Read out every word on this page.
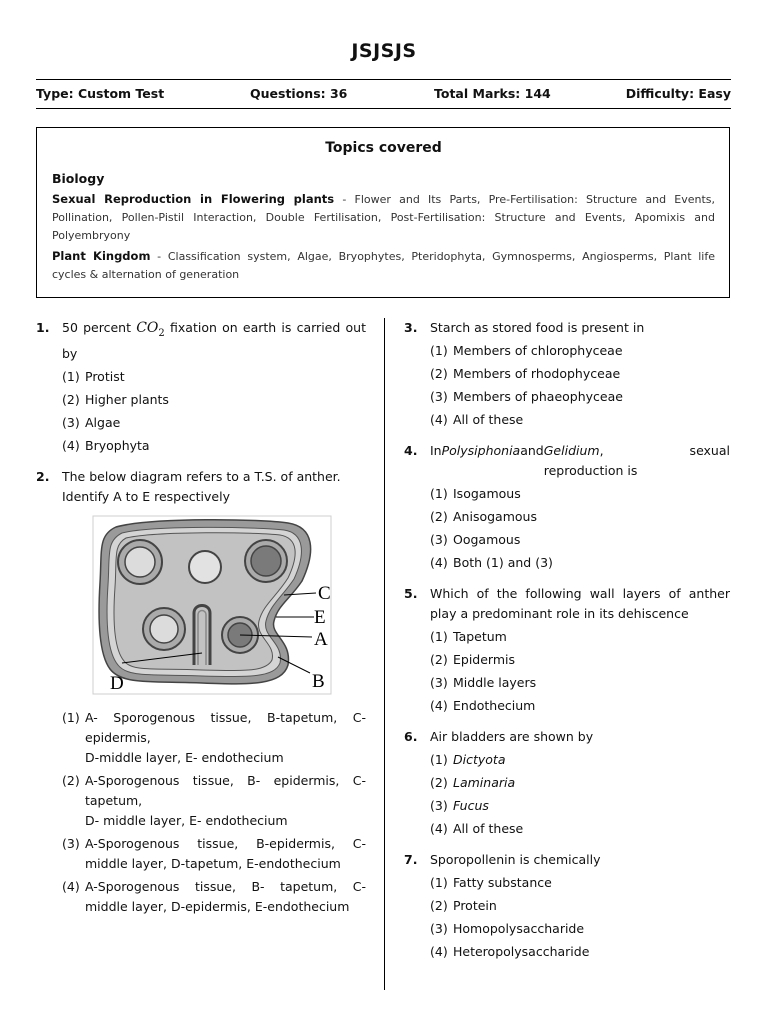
JSJSJS
Type: Custom Test	Questions: 36	Total Marks: 144	Difficulty: Easy
Topics covered
Biology
Sexual Reproduction in Flowering plants - Flower and Its Parts, Pre-Fertilisation: Structure and Events, Pollination, Pollen-Pistil Interaction, Double Fertilisation, Post-Fertilisation: Structure and Events, Apomixis and Polyembryony
Plant Kingdom - Classification system, Algae, Bryophytes, Pteridophyta, Gymnosperms, Angiosperms, Plant life cycles & alternation of generation
1. 50 percent $CO_2$ fixation on earth is carried out by
(1) Protist
(2) Higher plants
(3) Algae
(4) Bryophyta
2. The below diagram refers to a T.S. of anther. Identify A to E respectively
C
E
A
B
D
(1) A- Sporogenous tissue, B-tapetum, C-epidermis,
D-middle layer, E- endothecium
(2) A-Sporogenous tissue, B- epidermis, C-tapetum,
D- middle layer, E- endothecium
(3) A-Sporogenous tissue, B-epidermis, C-middle layer, D-tapetum, E-endothecium
(4) A-Sporogenous tissue, B- tapetum, C- middle layer, D-epidermis, E-endothecium
3. Starch as stored food is present in
(1) Members of chlorophyceae
(2) Members of rhodophyceae
(3) Members of phaeophyceae
(4) All of these
4. In Polysiphonia and Gelidium, sexual reproduction is
(1) Isogamous
(2) Anisogamous
(3) Oogamous
(4) Both (1) and (3)
5. Which of the following wall layers of anther play a predominant role in its dehiscence
(1) Tapetum
(2) Epidermis
(3) Middle layers
(4) Endothecium
6. Air bladders are shown by
(1) Dictyota
(2) Laminaria
(3) Fucus
(4) All of these
7. Sporopollenin is chemically
(1) Fatty substance
(2) Protein
(3) Homopolysaccharide
(4) Heteropolysaccharide
